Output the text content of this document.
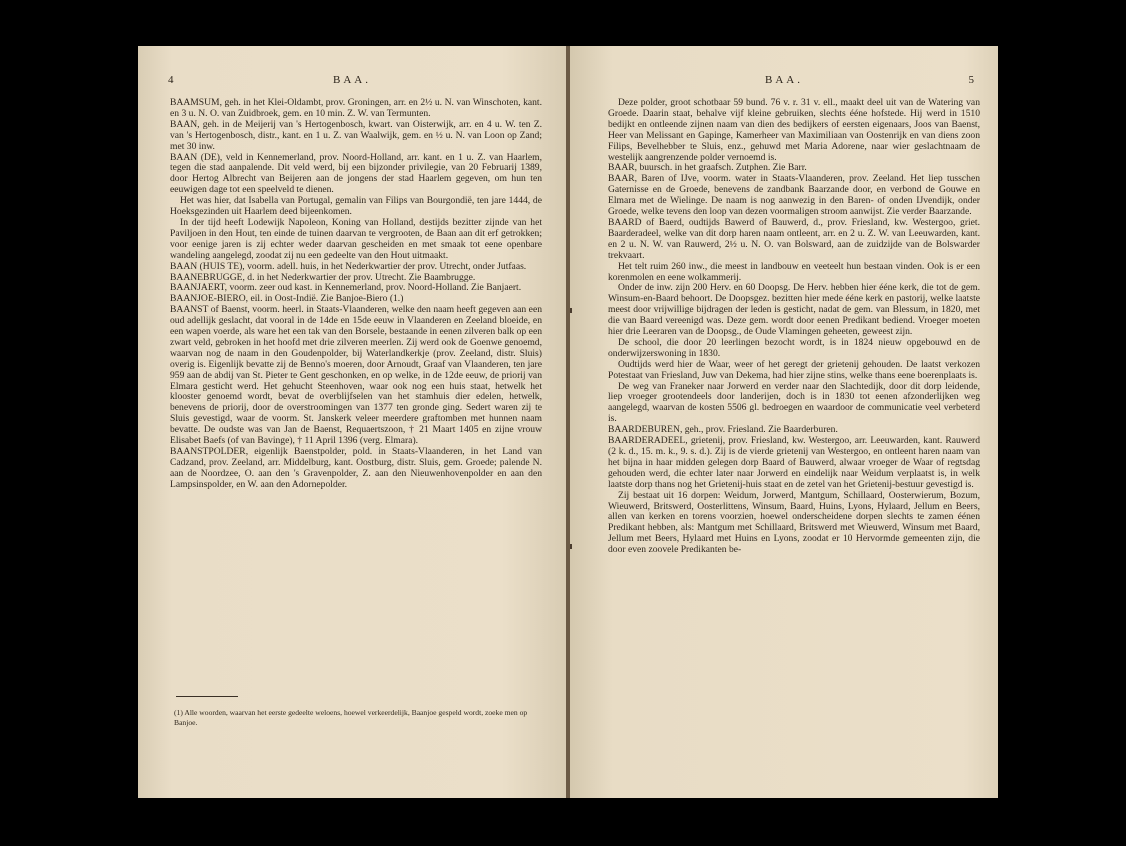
4	BAA.

BAAMSUM, geh. in het Klei-Oldambt, prov. Groningen, arr. en 2½ u. N. van Winschoten, kant. en 3 u. N. O. van Zuidbroek, gem. en 10 min. Z. W. van Termunten.

BAAN, geh. in de Meijerij van 's Hertogenbosch, kwart. van Oisterwijk, arr. en 4 u. W. ten Z. van 's Hertogenbosch, distr., kant. en 1 u. Z. van Waalwijk, gem. en ½ u. N. van Loon op Zand; met 30 inw.

BAAN (DE), veld in Kennemerland, prov. Noord-Holland, arr. kant. en 1 u. Z. van Haarlem, tegen die stad aanpalende. Dit veld werd, bij een bijzonder privilegie, van 20 Februarij 1389, door Hertog Albrecht van Beijeren aan de jongens der stad Haarlem gegeven, om hun ten eeuwigen dage tot een speelveld te dienen.

Het was hier, dat Isabella van Portugal, gemalin van Filips van Bourgondië, ten jare 1444, de Hoeksgezinden uit Haarlem deed bijeenkomen.

In der tijd heeft Lodewijk Napoleon, Koning van Holland, destijds bezitter zijnde van het Paviljoen in den Hout, ten einde de tuinen daarvan te vergrooten, de Baan aan dit erf getrokken; voor eenige jaren is zij echter weder daarvan gescheiden en met smaak tot eene openbare wandeling aangelegd, zoodat zij nu een gedeelte van den Hout uitmaakt.

BAAN (HUIS TE), voorm. adell. huis, in het Nederkwartier der prov. Utrecht, onder Jutfaas.

BAANEBRUGGE, d. in het Nederkwartier der prov. Utrecht. Zie Baambrugge.

BAANJAERT, voorm. zeer oud kast. in Kennemerland, prov. Noord-Holland. Zie Banjaert.

BAANJOE-BIERO, eil. in Oost-Indië. Zie Banjoe-Biero (1.)

BAANST of Baenst, voorm. heerl. in Staats-Vlaanderen, welke den naam heeft gegeven aan een oud adellijk geslacht, dat vooral in de 14de en 15de eeuw in Vlaanderen en Zeeland bloeide, en een wapen voerde, als ware het een tak van den Borsele, bestaande in eenen zilveren balk op een zwart veld, gebroken in het hoofd met drie zilveren meerlen. Zij werd ook de Goenwe genoemd, waarvan nog de naam in den Goudenpolder, bij Waterlandkerkje (prov. Zeeland, distr. Sluis) overig is. Eigenlijk bevatte zij de Benno's moeren, door Arnoudt, Graaf van Vlaanderen, ten jare 959 aan de abdij van St. Pieter te Gent geschonken, en op welke, in de 12de eeuw, de priorij van Elmara gesticht werd. Het gehucht Steenhoven, waar ook nog een huis staat, hetwelk het klooster genoemd wordt, bevat de overblijfselen van het stamhuis dier edelen, hetwelk, benevens de priorij, door de overstroomingen van 1377 ten gronde ging. Sedert waren zij te Sluis gevestigd, waar de voorm. St. Janskerk veleer meerdere graftomben met hunnen naam bevatte. De oudste was van Jan de Baenst, Requaertszoon, † 21 Maart 1405 en zijne vrouw Elisabet Baefs (of van Bavinge), † 11 April 1396 (verg. Elmara).

BAANSTPOLDER, eigenlijk Baenstpolder, pold. in Staats-Vlaanderen, in het Land van Cadzand, prov. Zeeland, arr. Middelburg, kant. Oostburg, distr. Sluis, gem. Groede; palende N. aan de Noordzee, O. aan den 's Gravenpolder, Z. aan den Nieuwenhovenpolder en aan den Lampsinspolder, en W. aan den Adornepolder.

(1) Alle woorden, waarvan het eerste gedeelte weloens, hoewel verkeerdelijk, Baanjoe gespeld wordt, zoeke men op Banjoe.
BAA.	5

Deze polder, groot schotbaar 59 bund. 76 v. r. 31 v. ell., maakt deel uit van de Watering van Groede. Daarin staat, behalve vijf kleine gebruiken, slechts ééne hofstede. Hij werd in 1510 bedijkt en ontleende zijnen naam van dien des bedijkers of eersten eigenaars, Joos van Baenst, Heer van Melissant en Gapinge, Kamerheer van Maximiliaan van Oostenrijk en van diens zoon Filips, Bevelhebber te Sluis, enz., gehuwd met Maria Adorene, naar wier geslachtnaam de westelijk aangrenzende polder vernoemd is.

BAAR, buursch. in het graafsch. Zutphen. Zie Barr.

BAAR, Baren of IJve, voorm. water in Staats-Vlaanderen, prov. Zeeland. Het liep tusschen Gaternisse en de Groede, benevens de zandbank Baarzande door, en verbond de Gouwe en Elmara met de Wielinge. De naam is nog aanwezig in den Baren- of onden IJvendijk, onder Groede, welke tevens den loop van dezen voormaligen stroom aanwijst. Zie verder Baarzande.

BAARD of Baerd, oudtijds Bawerd of Bauwerd, d., prov. Friesland, kw. Westergoo, griet. Baarderadeel, welke van dit dorp haren naam ontleent, arr. en 2 u. Z. W. van Leeuwarden, kant. en 2 u. N. W. van Rauwerd, 2½ u. N. O. van Bolsward, aan de zuidzijde van de Bolswarder trekvaart.

Het telt ruim 260 inw., die meest in landbouw en veeteelt hun bestaan vinden. Ook is er een korenmolen en eene wolkammerij.

Onder de inw. zijn 200 Herv. en 60 Doopsg. De Herv. hebben hier ééne kerk, die tot de gem. Winsum-en-Baard behoort. De Doopsgez. bezitten hier mede ééne kerk en pastorij, welke laatste meest door vrijwillige bijdragen der leden is gesticht, nadat de gem. van Blessum, in 1820, met die van Baard vereenigd was. Deze gem. wordt door eenen Predikant bediend. Vroeger moeten hier drie Leeraren van de Doopsg., de Oude Vlamingen geheeten, geweest zijn.

De school, die door 20 leerlingen bezocht wordt, is in 1824 nieuw opgebouwd en de onderwijzerswoning in 1830.

Oudtijds werd hier de Waar, weer of het geregt der grietenij gehouden. De laatst verkozen Potestaat van Friesland, Juw van Dekema, had hier zijne stins, welke thans eene boerenplaats is.

De weg van Franeker naar Jorwerd en verder naar den Slachtedijk, door dit dorp leidende, liep vroeger grootendeels door landerijen, doch is in 1830 tot eenen afzonderlijken weg aangelegd, waarvan de kosten 5506 gl. bedroegen en waardoor de communicatie veel verbeterd is.

BAARDEBUREN, geh., prov. Friesland. Zie Baarderburen.

BAARDERADEEL, grietenij, prov. Friesland, kw. Westergoo, arr. Leeuwarden, kant. Rauwerd (2 k. d., 15. m. k., 9. s. d.). Zij is de vierde grietenij van Westergoo, en ontleent haren naam van het bijna in haar midden gelegen dorp Baard of Bauwerd, alwaar vroeger de Waar of regtsdag gehouden werd, die echter later naar Jorwerd en eindelijk naar Weidum verplaatst is, in welk laatste dorp thans nog het Grietenij-huis staat en de zetel van het Grietenij-bestuur gevestigd is.

Zij bestaat uit 16 dorpen: Weidum, Jorwerd, Mantgum, Schillaard, Oosterwierum, Bozum, Wieuwerd, Britswerd, Oosterlittens, Winsum, Baard, Huins, Lyons, Hylaard, Jellum en Beers, allen van kerken en torens voorzien, hoewel onderscheidene dorpen slechts te zamen éénen Predikant hebben, als: Mantgum met Schillaard, Britswerd met Wieuwerd, Winsum met Baard, Jellum met Beers, Hylaard met Huins en Lyons, zoodat er 10 Hervormde gemeenten zijn, die door even zoovele Predikanten be-
